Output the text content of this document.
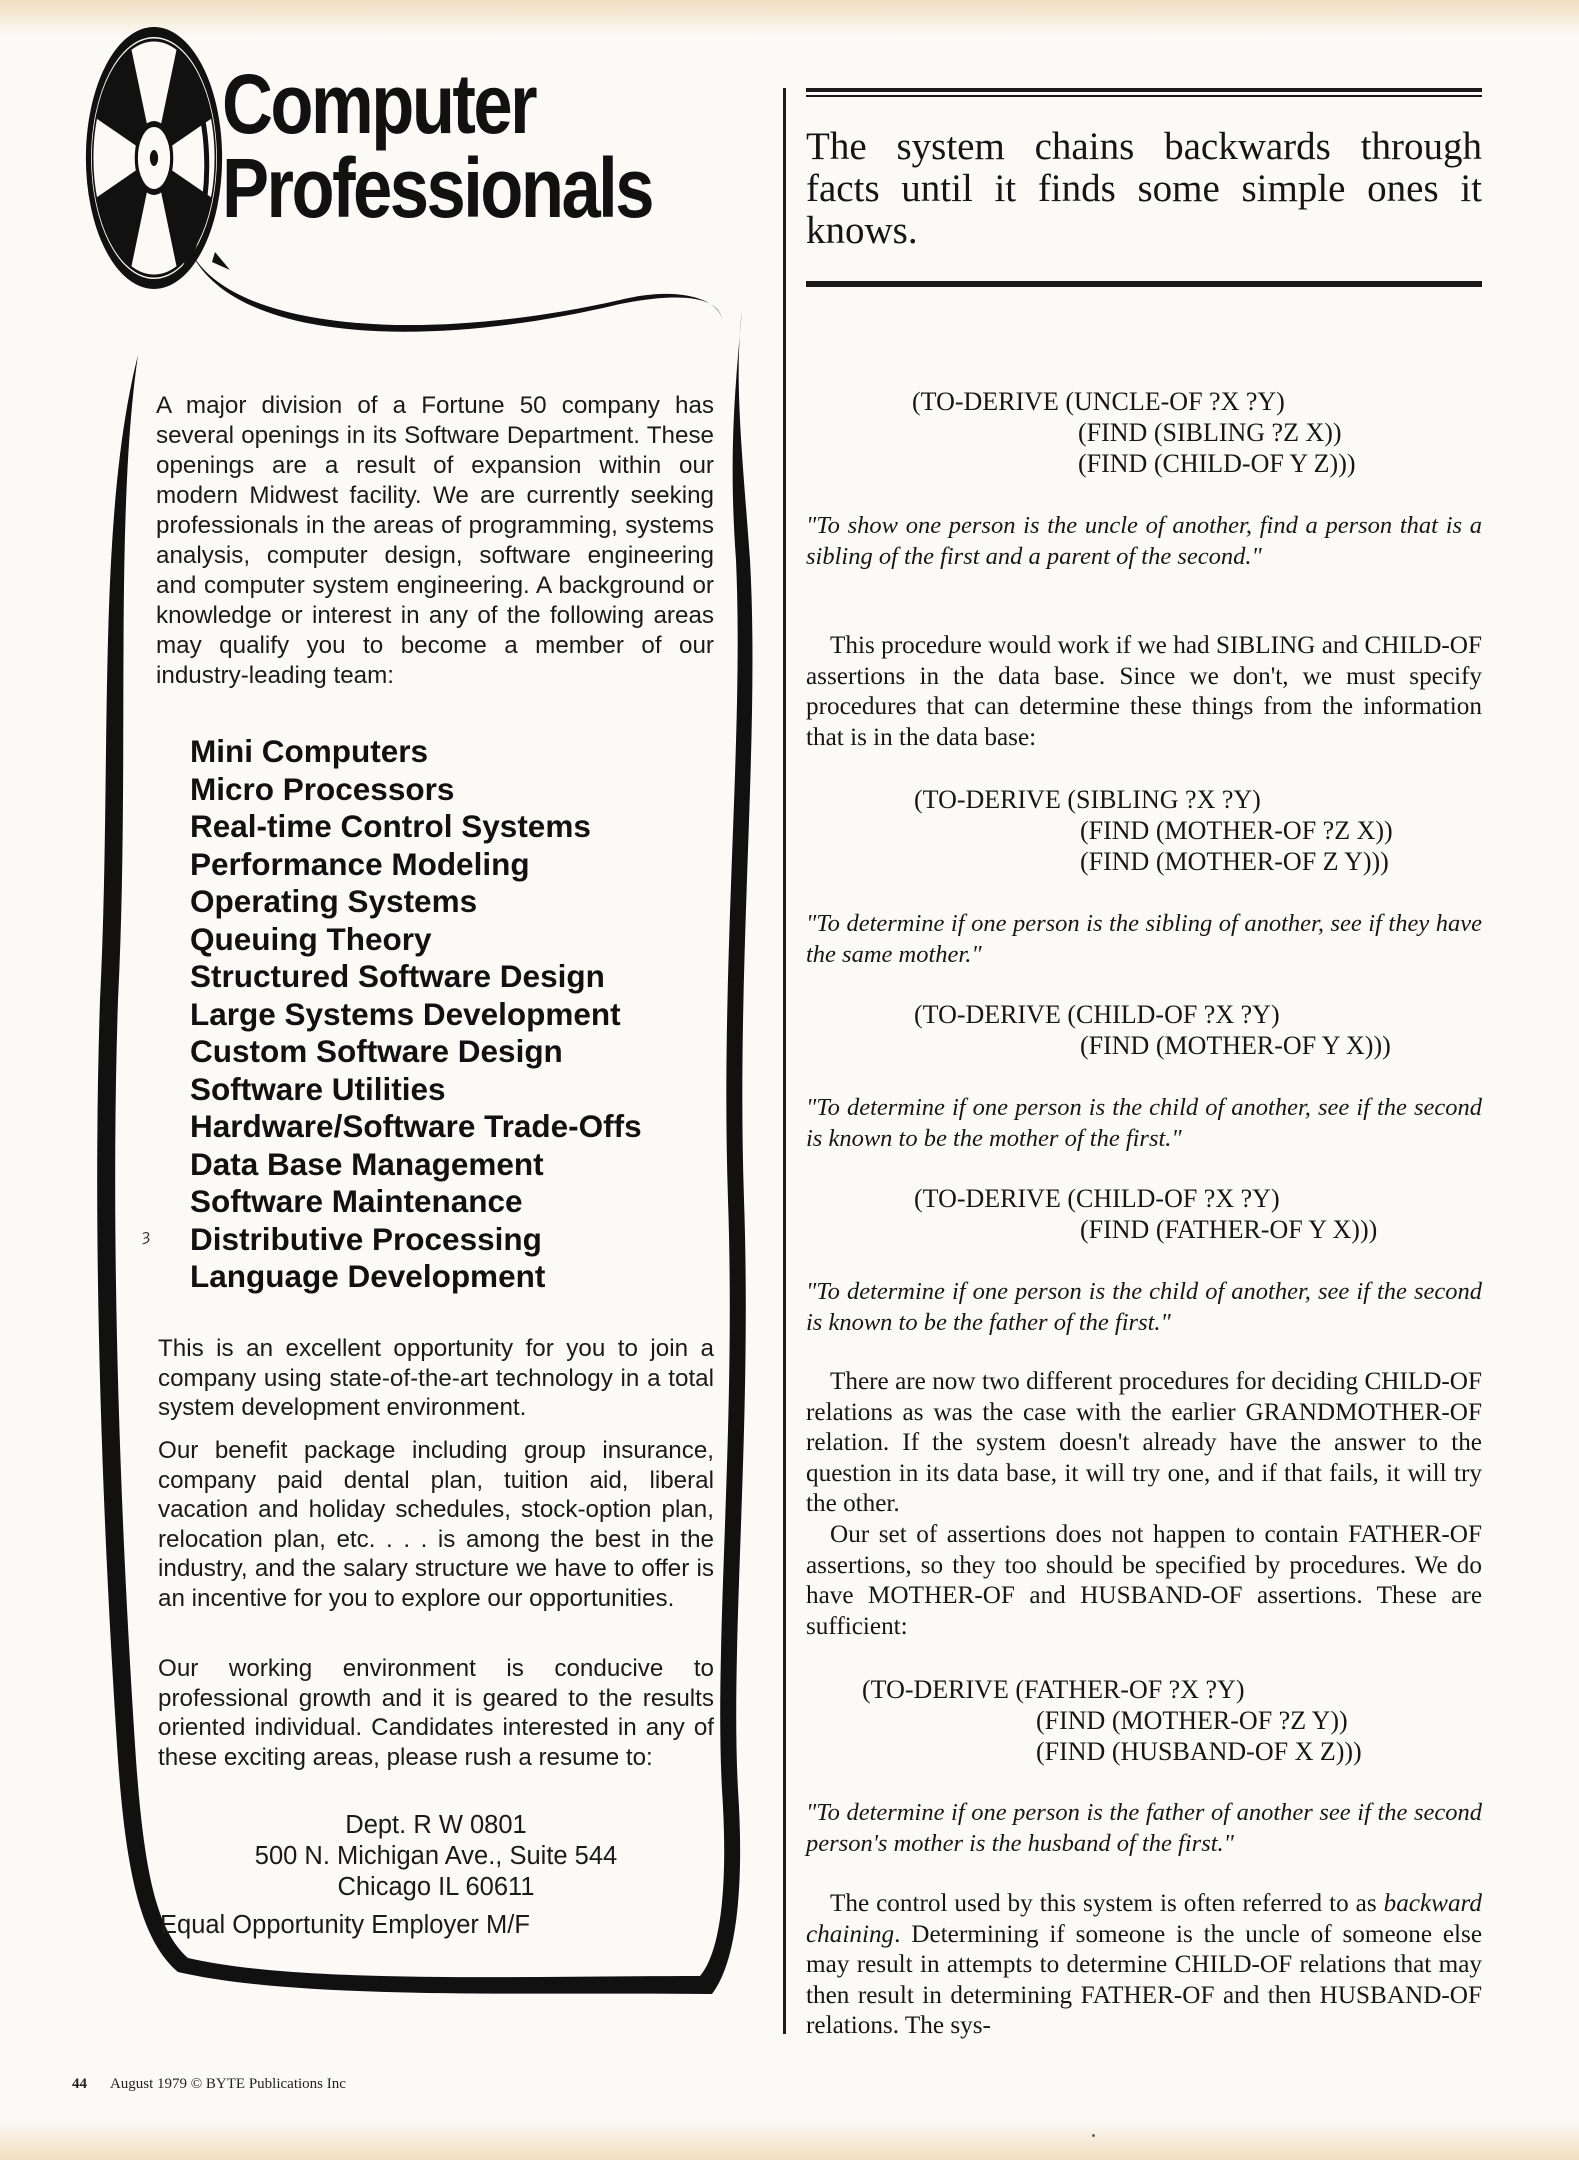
Computer
Professionals
A major division of a Fortune 50 company has several openings in its Software Department. These openings are a result of expansion within our modern Midwest facility. We are currently seeking professionals in the areas of programming, systems analysis, computer design, software engineering and computer system engineering. A background or knowledge or interest in any of the following areas may qualify you to become a member of our industry-leading team:
Mini Computers
Micro Processors
Real-time Control Systems
Performance Modeling
Operating Systems
Queuing Theory
Structured Software Design
Large Systems Development
Custom Software Design
Software Utilities
Hardware/Software Trade-Offs
Data Base Management
Software Maintenance
Distributive Processing
Language Development
ȝ
This is an excellent opportunity for you to join a company using state-of-the-art technology in a total system development environment.
Our benefit package including group insurance, company paid dental plan, tuition aid, liberal vacation and holiday schedules, stock-option plan, relocation plan, etc. . . . is among the best in the industry, and the salary structure we have to offer is an incentive for you to explore our opportunities.
Our working environment is conducive to professional growth and it is geared to the results oriented individual. Candidates interested in any of these exciting areas, please rush a resume to:
Dept. R W 0801
500 N. Michigan Ave., Suite 544
Chicago IL 60611
Equal Opportunity Employer M/F
The system chains backwards through facts until it finds some simple ones it knows.
(TO-DERIVE (UNCLE-OF ?X ?Y)
(FIND (SIBLING ?Z X))
(FIND (CHILD-OF Y Z)))
"To show one person is the uncle of another, find a person that is a sibling of the first and a parent of the second."
This procedure would work if we had SIBLING and CHILD-OF assertions in the data base. Since we don't, we must specify procedures that can determine these things from the information that is in the data base:
(TO-DERIVE (SIBLING ?X ?Y)
(FIND (MOTHER-OF ?Z X))
(FIND (MOTHER-OF Z Y)))
"To determine if one person is the sibling of another, see if they have the same mother."
(TO-DERIVE (CHILD-OF ?X ?Y)
(FIND (MOTHER-OF Y X)))
"To determine if one person is the child of another, see if the second is known to be the mother of the first."
(TO-DERIVE (CHILD-OF ?X ?Y)
(FIND (FATHER-OF Y X)))
"To determine if one person is the child of another, see if the second is known to be the father of the first."
There are now two different procedures for deciding CHILD-OF relations as was the case with the earlier GRANDMOTHER-OF relation. If the system doesn't already have the answer to the question in its data base, it will try one, and if that fails, it will try the other.
Our set of assertions does not happen to contain FATHER-OF assertions, so they too should be specified by procedures. We do have MOTHER-OF and HUSBAND-OF assertions. These are sufficient:
(TO-DERIVE (FATHER-OF ?X ?Y)
(FIND (MOTHER-OF ?Z Y))
(FIND (HUSBAND-OF X Z)))
"To determine if one person is the father of another see if the second person's mother is the husband of the first."
The control used by this system is often referred to as backward chaining. Determining if someone is the uncle of someone else may result in attempts to determine CHILD-OF relations that may then result in determining FATHER-OF and then HUSBAND-OF relations. The sys-
44 August 1979 © BYTE Publications Inc
